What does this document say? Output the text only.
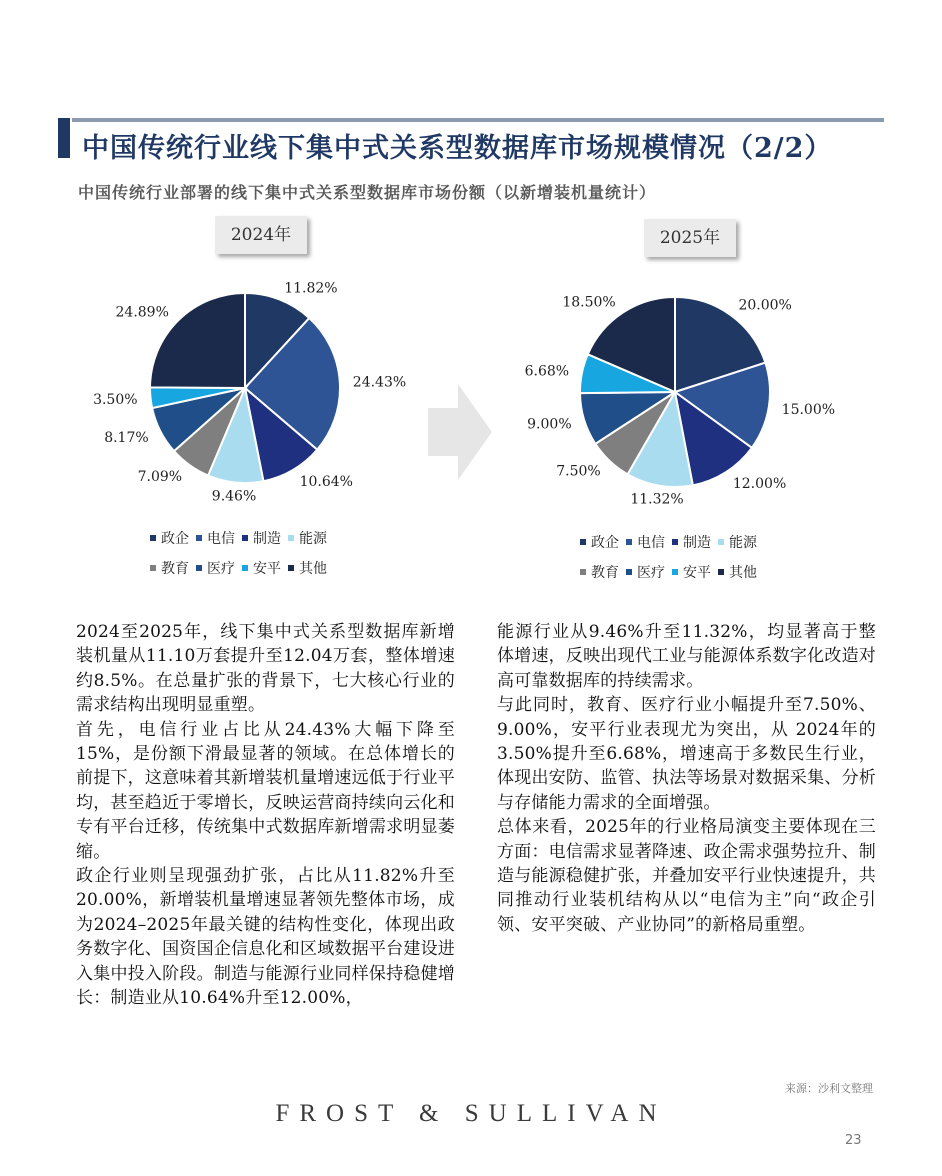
中国传统行业线下集中式关系型数据库市场规模情况（2/2）
中国传统行业部署的线下集中式关系型数据库市场份额（以新增装机量统计）
2024年	2025年
11.82%
24.43%
10.64%
9.46%
7.09%
8.17%
3.50%
24.89%	20.00%
15.00%
12.00%
11.32%
7.50%
9.00%
6.68%
18.50%
政企 电信 制造 能源
教育 医疗 安平 其他
政企 电信 制造 能源
教育 医疗 安平 其他

2024至2025年，线下集中式关系型数据库新增装机量从11.10万套提升至12.04万套，整体增速约8.5%。在总量扩张的背景下，七大核心行业的需求结构出现明显重塑。

首先，电信行业占比从24.43%大幅下降至15%，是份额下滑最显著的领域。在总体增长的前提下，这意味着其新增装机量增速远低于行业平均，甚至趋近于零增长，反映运营商持续向云化和专有平台迁移，传统集中式数据库新增需求明显萎缩。

政企行业则呈现强劲扩张，占比从11.82%升至20.00%，新增装机量增速显著领先整体市场，成为2024–2025年最关键的结构性变化，体现出政务数字化、国资国企信息化和区域数据平台建设进入集中投入阶段。制造与能源行业同样保持稳健增长：制造业从10.64%升至12.00%，

能源行业从9.46%升至11.32%，均显著高于整体增速，反映出现代工业与能源体系数字化改造对高可靠数据库的持续需求。

与此同时，教育、医疗行业小幅提升至7.50%、9.00%，安平行业表现尤为突出，从 2024年的3.50%提升至6.68%，增速高于多数民生行业，体现出安防、监管、执法等场景对数据采集、分析与存储能力需求的全面增强。

总体来看，2025年的行业格局演变主要体现在三方面：电信需求显著降速、政企需求强势拉升、制造与能源稳健扩张，并叠加安平行业快速提升，共同推动行业装机结构从以“电信为主”向“政企引领、安平突破、产业协同”的新格局重塑。

来源：沙利文整理
FROST & SULLIVAN
23
